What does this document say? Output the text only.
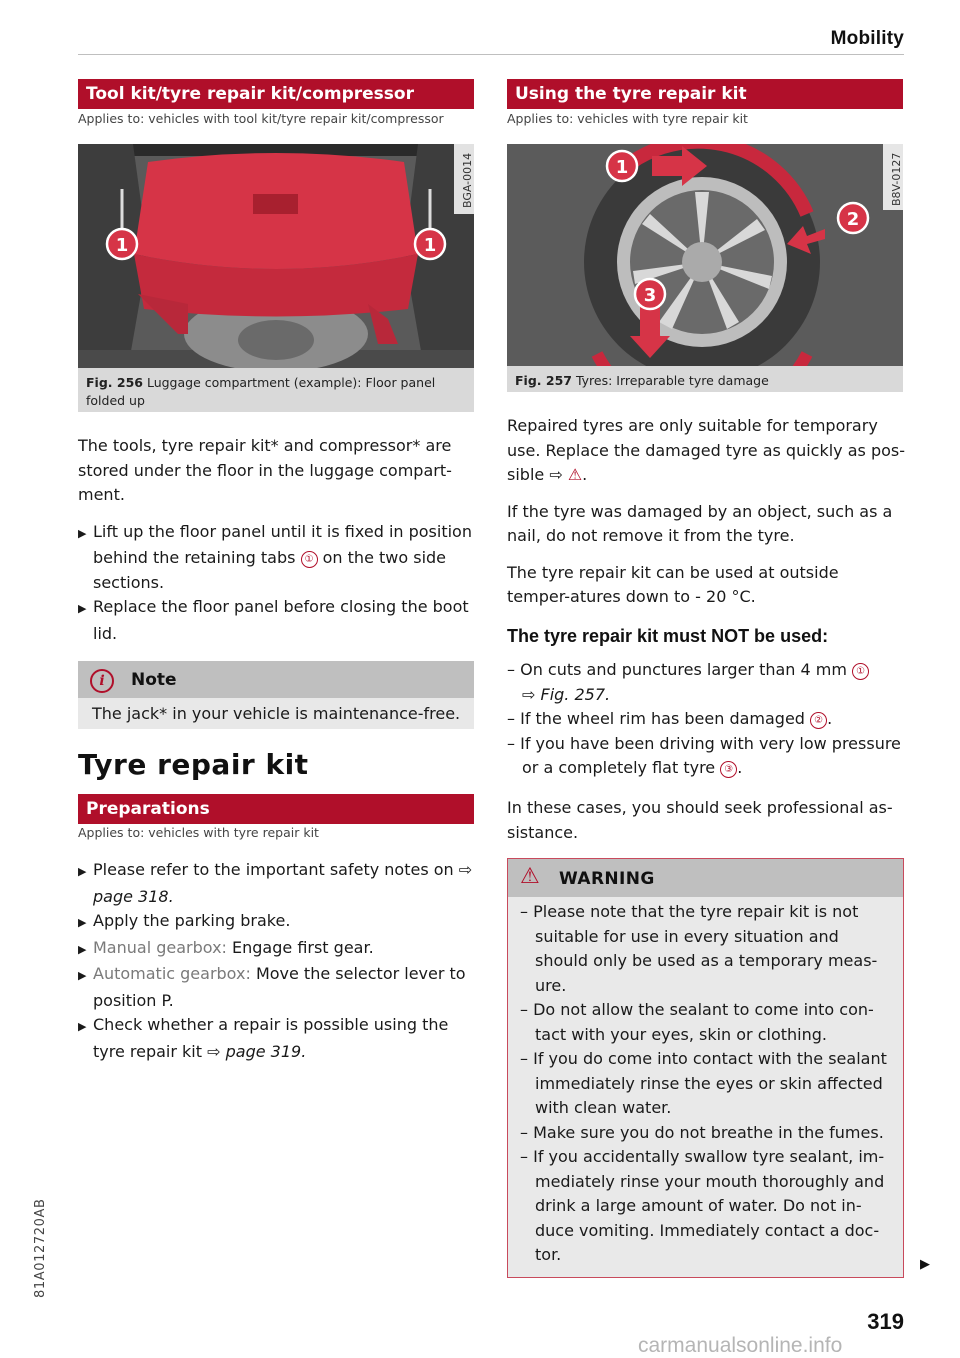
Mobility
Tool kit/tyre repair kit/compressor
Applies to: vehicles with tool kit/tyre repair kit/compressor
1	1
BGA-0014
Fig. 256 Luggage compartment (example): Floor panel folded up

The tools, tyre repair kit* and compressor* are stored under the floor in the luggage compart-ment.

▶ Lift up the floor panel until it is fixed in position behind the retaining tabs ① on the two side sections.

▶ Replace the floor panel before closing the boot lid.

i	Note
The jack* in your vehicle is maintenance-free.
Tyre repair kit
Preparations
Applies to: vehicles with tyre repair kit

▶ Please refer to the important safety notes on ⇨ page 318.

▶ Apply the parking brake.

▶ Manual gearbox: Engage first gear.

▶ Automatic gearbox: Move the selector lever to position P.

▶ Check whether a repair is possible using the tyre repair kit ⇨ page 319.

Using the tyre repair kit
Applies to: vehicles with tyre repair kit
1
2
3
B8V-0127
Fig. 257 Tyres: Irreparable tyre damage

Repaired tyres are only suitable for temporary use. Replace the damaged tyre as quickly as pos-sible ⇨ ⚠.

If the tyre was damaged by an object, such as a nail, do not remove it from the tyre.

The tyre repair kit can be used at outside temper-atures down to - 20 °C.

The tyre repair kit must NOT be used:

– On cuts and punctures larger than 4 mm ①
⇨ Fig. 257.

– If the wheel rim has been damaged ② .

– If you have been driving with very low pressure or a completely flat tyre ③ .

In these cases, you should seek professional as-sistance.

⚠ WARNING

– Please note that the tyre repair kit is not suitable for use in every situation and should only be used as a temporary meas-ure.

– Do not allow the sealant to come into con-tact with your eyes, skin or clothing.

– If you do come into contact with the sealant immediately rinse the eyes or skin affected with clean water.

– Make sure you do not breathe in the fumes.

– If you accidentally swallow tyre sealant, im-mediately rinse your mouth thoroughly and drink a large amount of water. Do not in-duce vomiting. Immediately contact a doc-tor.

▶
81A012720AB
319
carmanualsonline.info
